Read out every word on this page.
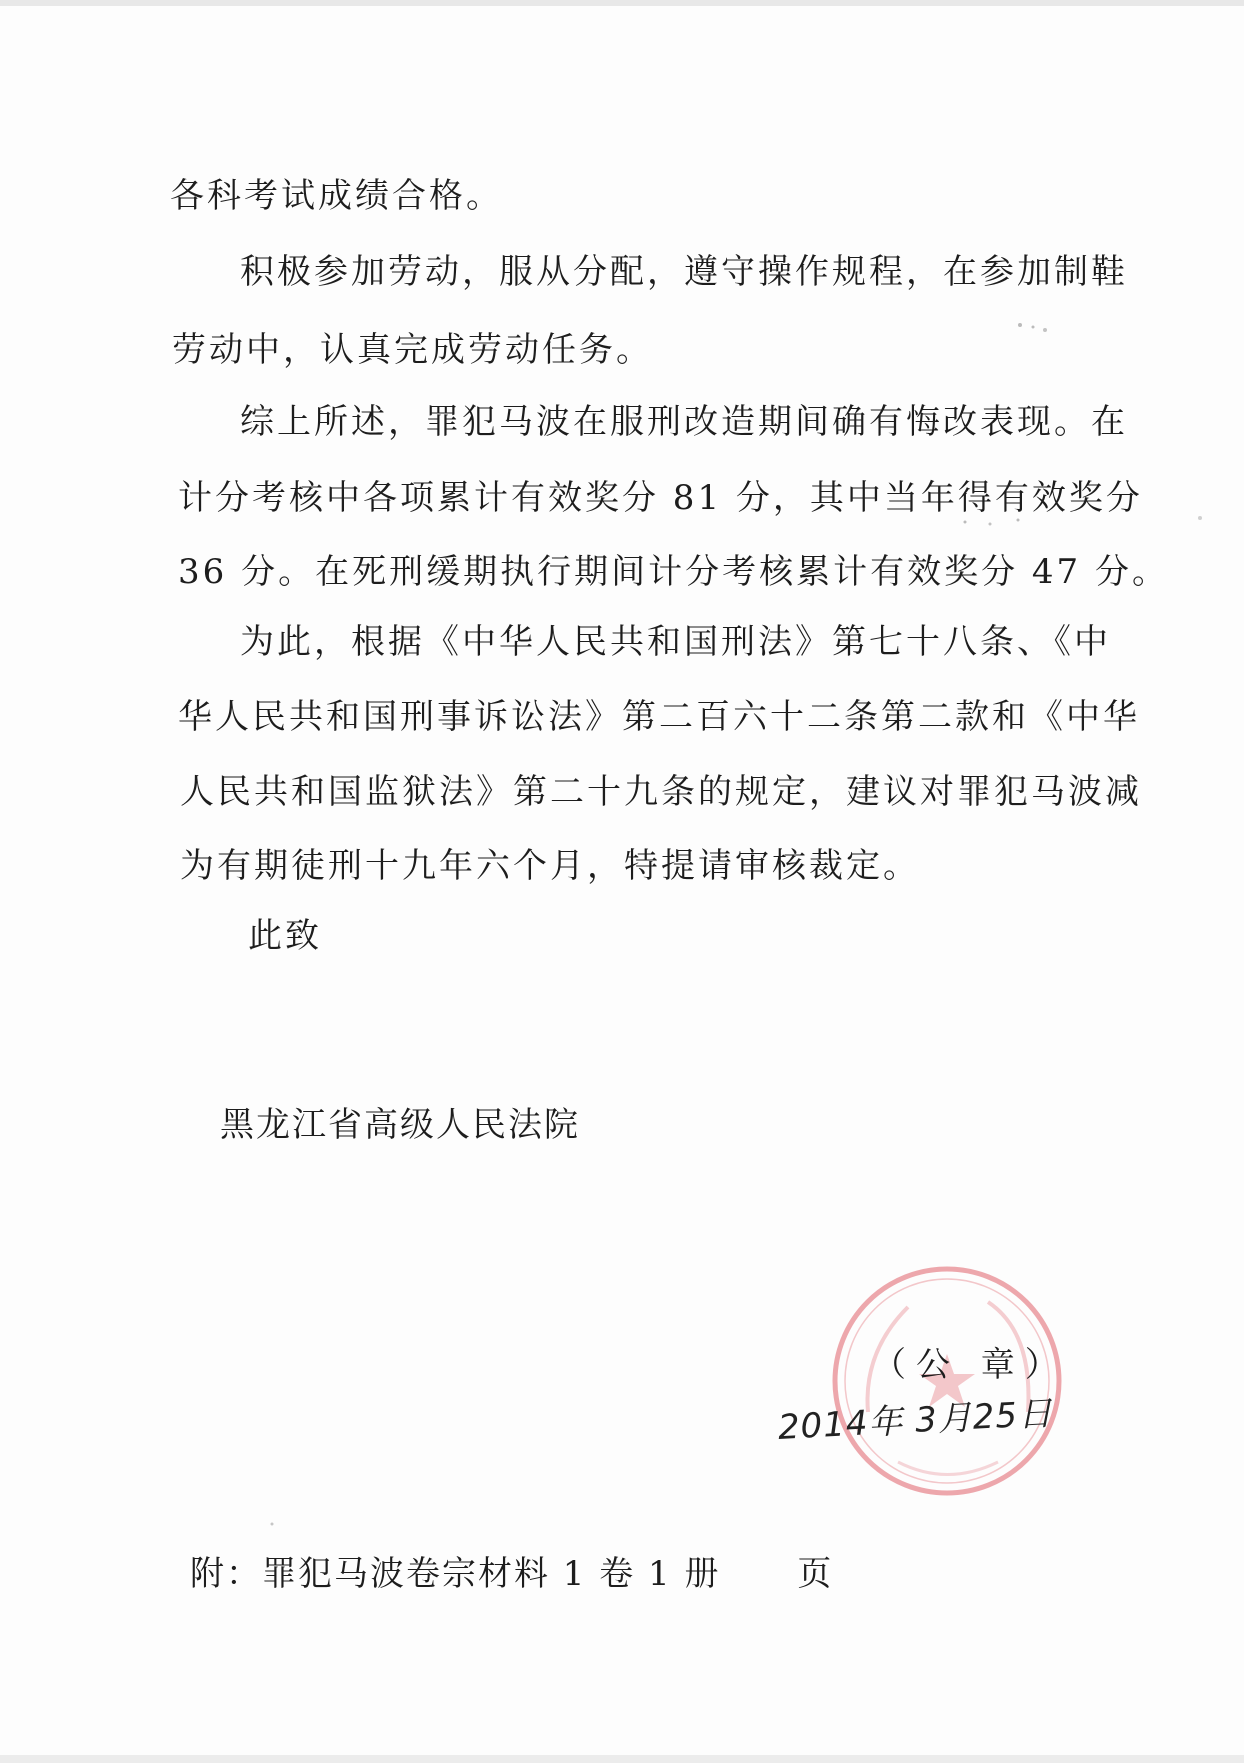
各科考试成绩合格。
积极参加劳动，服从分配，遵守操作规程，在参加制鞋
劳动中，认真完成劳动任务。
综上所述，罪犯马波在服刑改造期间确有悔改表现。在
计分考核中各项累计有效奖分 81 分，其中当年得有效奖分
36 分。在死刑缓期执行期间计分考核累计有效奖分 47 分。
为此，根据《中华人民共和国刑法》第七十八条、《中
华人民共和国刑事诉讼法》第二百六十二条第二款和《中华
人民共和国监狱法》第二十九条的规定，建议对罪犯马波减
为有期徒刑十九年六个月，特提请审核裁定。
此致
黑龙江省高级人民法院
（公 章）
2014年 3月25日
附：罪犯马波卷宗材料 1 卷 1 册      页
